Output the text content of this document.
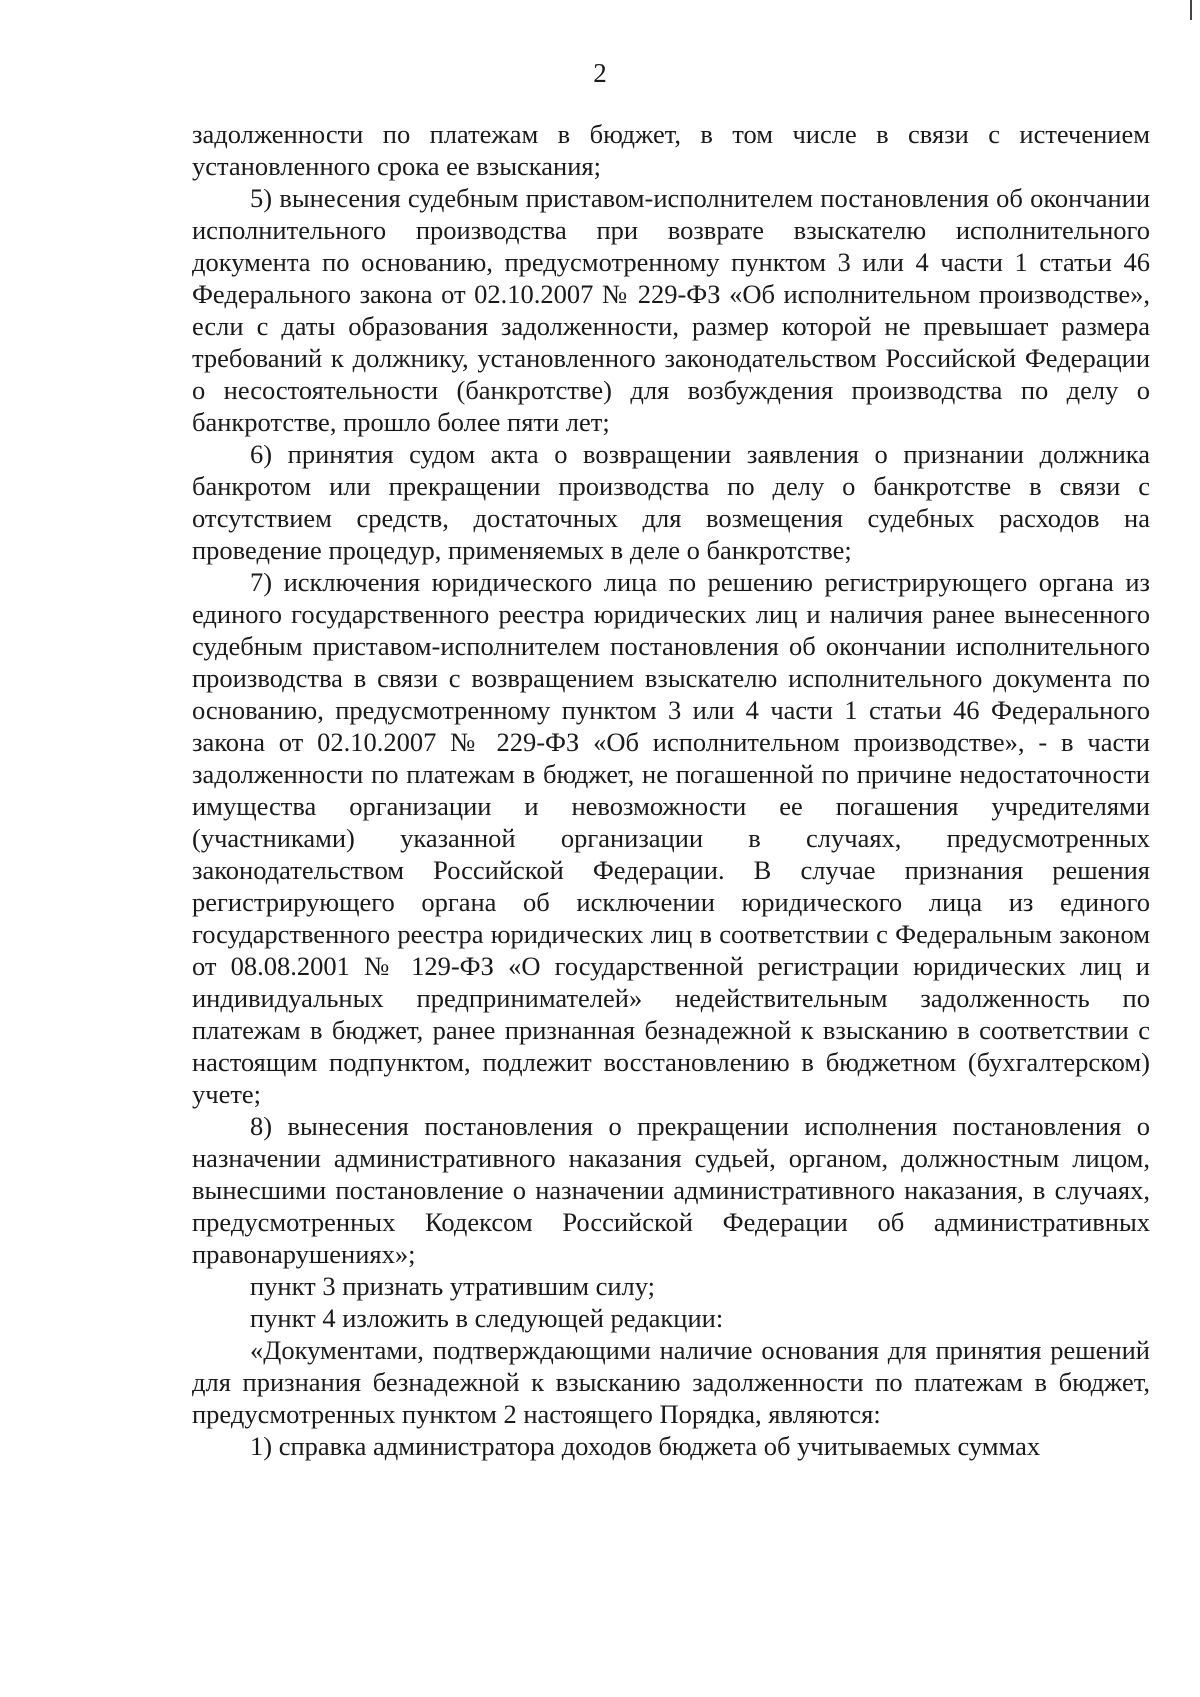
2

задолженности по платежам в бюджет, в том числе в связи с истечением установленного срока ее взыскания;

5) вынесения судебным приставом-исполнителем постановления об окончании исполнительного производства при возврате взыскателю исполнительного документа по основанию, предусмотренному пунктом 3 или 4 части 1 статьи 46 Федерального закона от 02.10.2007 № 229-ФЗ «Об исполнительном производстве», если с даты образования задолженности, размер которой не превышает размера требований к должнику, установленного законодательством Российской Федерации о несостоятельности (банкротстве) для возбуждения производства по делу о банкротстве, прошло более пяти лет;

6) принятия судом акта о возвращении заявления о признании должника банкротом или прекращении производства по делу о банкротстве в связи с отсутствием средств, достаточных для возмещения судебных расходов на проведение процедур, применяемых в деле о банкротстве;

7) исключения юридического лица по решению регистрирующего органа из единого государственного реестра юридических лиц и наличия ранее вынесенного судебным приставом-исполнителем постановления об окончании исполнительного производства в связи с возвращением взыскателю исполнительного документа по основанию, предусмотренному пунктом 3 или 4 части 1 статьи 46 Федерального закона от 02.10.2007 № 229-ФЗ «Об исполнительном производстве», - в части задолженности по платежам в бюджет, не погашенной по причине недостаточности имущества организации и невозможности ее погашения учредителями (участниками) указанной организации в случаях, предусмотренных законодательством Российской Федерации. В случае признания решения регистрирующего органа об исключении юридического лица из единого государственного реестра юридических лиц в соответствии с Федеральным законом от 08.08.2001 № 129-ФЗ «О государственной регистрации юридических лиц и индивидуальных предпринимателей» недействительным задолженность по платежам в бюджет, ранее признанная безнадежной к взысканию в соответствии с настоящим подпунктом, подлежит восстановлению в бюджетном (бухгалтерском) учете;

8) вынесения постановления о прекращении исполнения постановления о назначении административного наказания судьей, органом, должностным лицом, вынесшими постановление о назначении административного наказания, в случаях, предусмотренных Кодексом Российской Федерации об административных правонарушениях»;

пункт 3 признать утратившим силу;

пункт 4 изложить в следующей редакции:

«Документами, подтверждающими наличие основания для принятия решений для признания безнадежной к взысканию задолженности по платежам в бюджет, предусмотренных пунктом 2 настоящего Порядка, являются:

1) справка администратора доходов бюджета об учитываемых суммах
